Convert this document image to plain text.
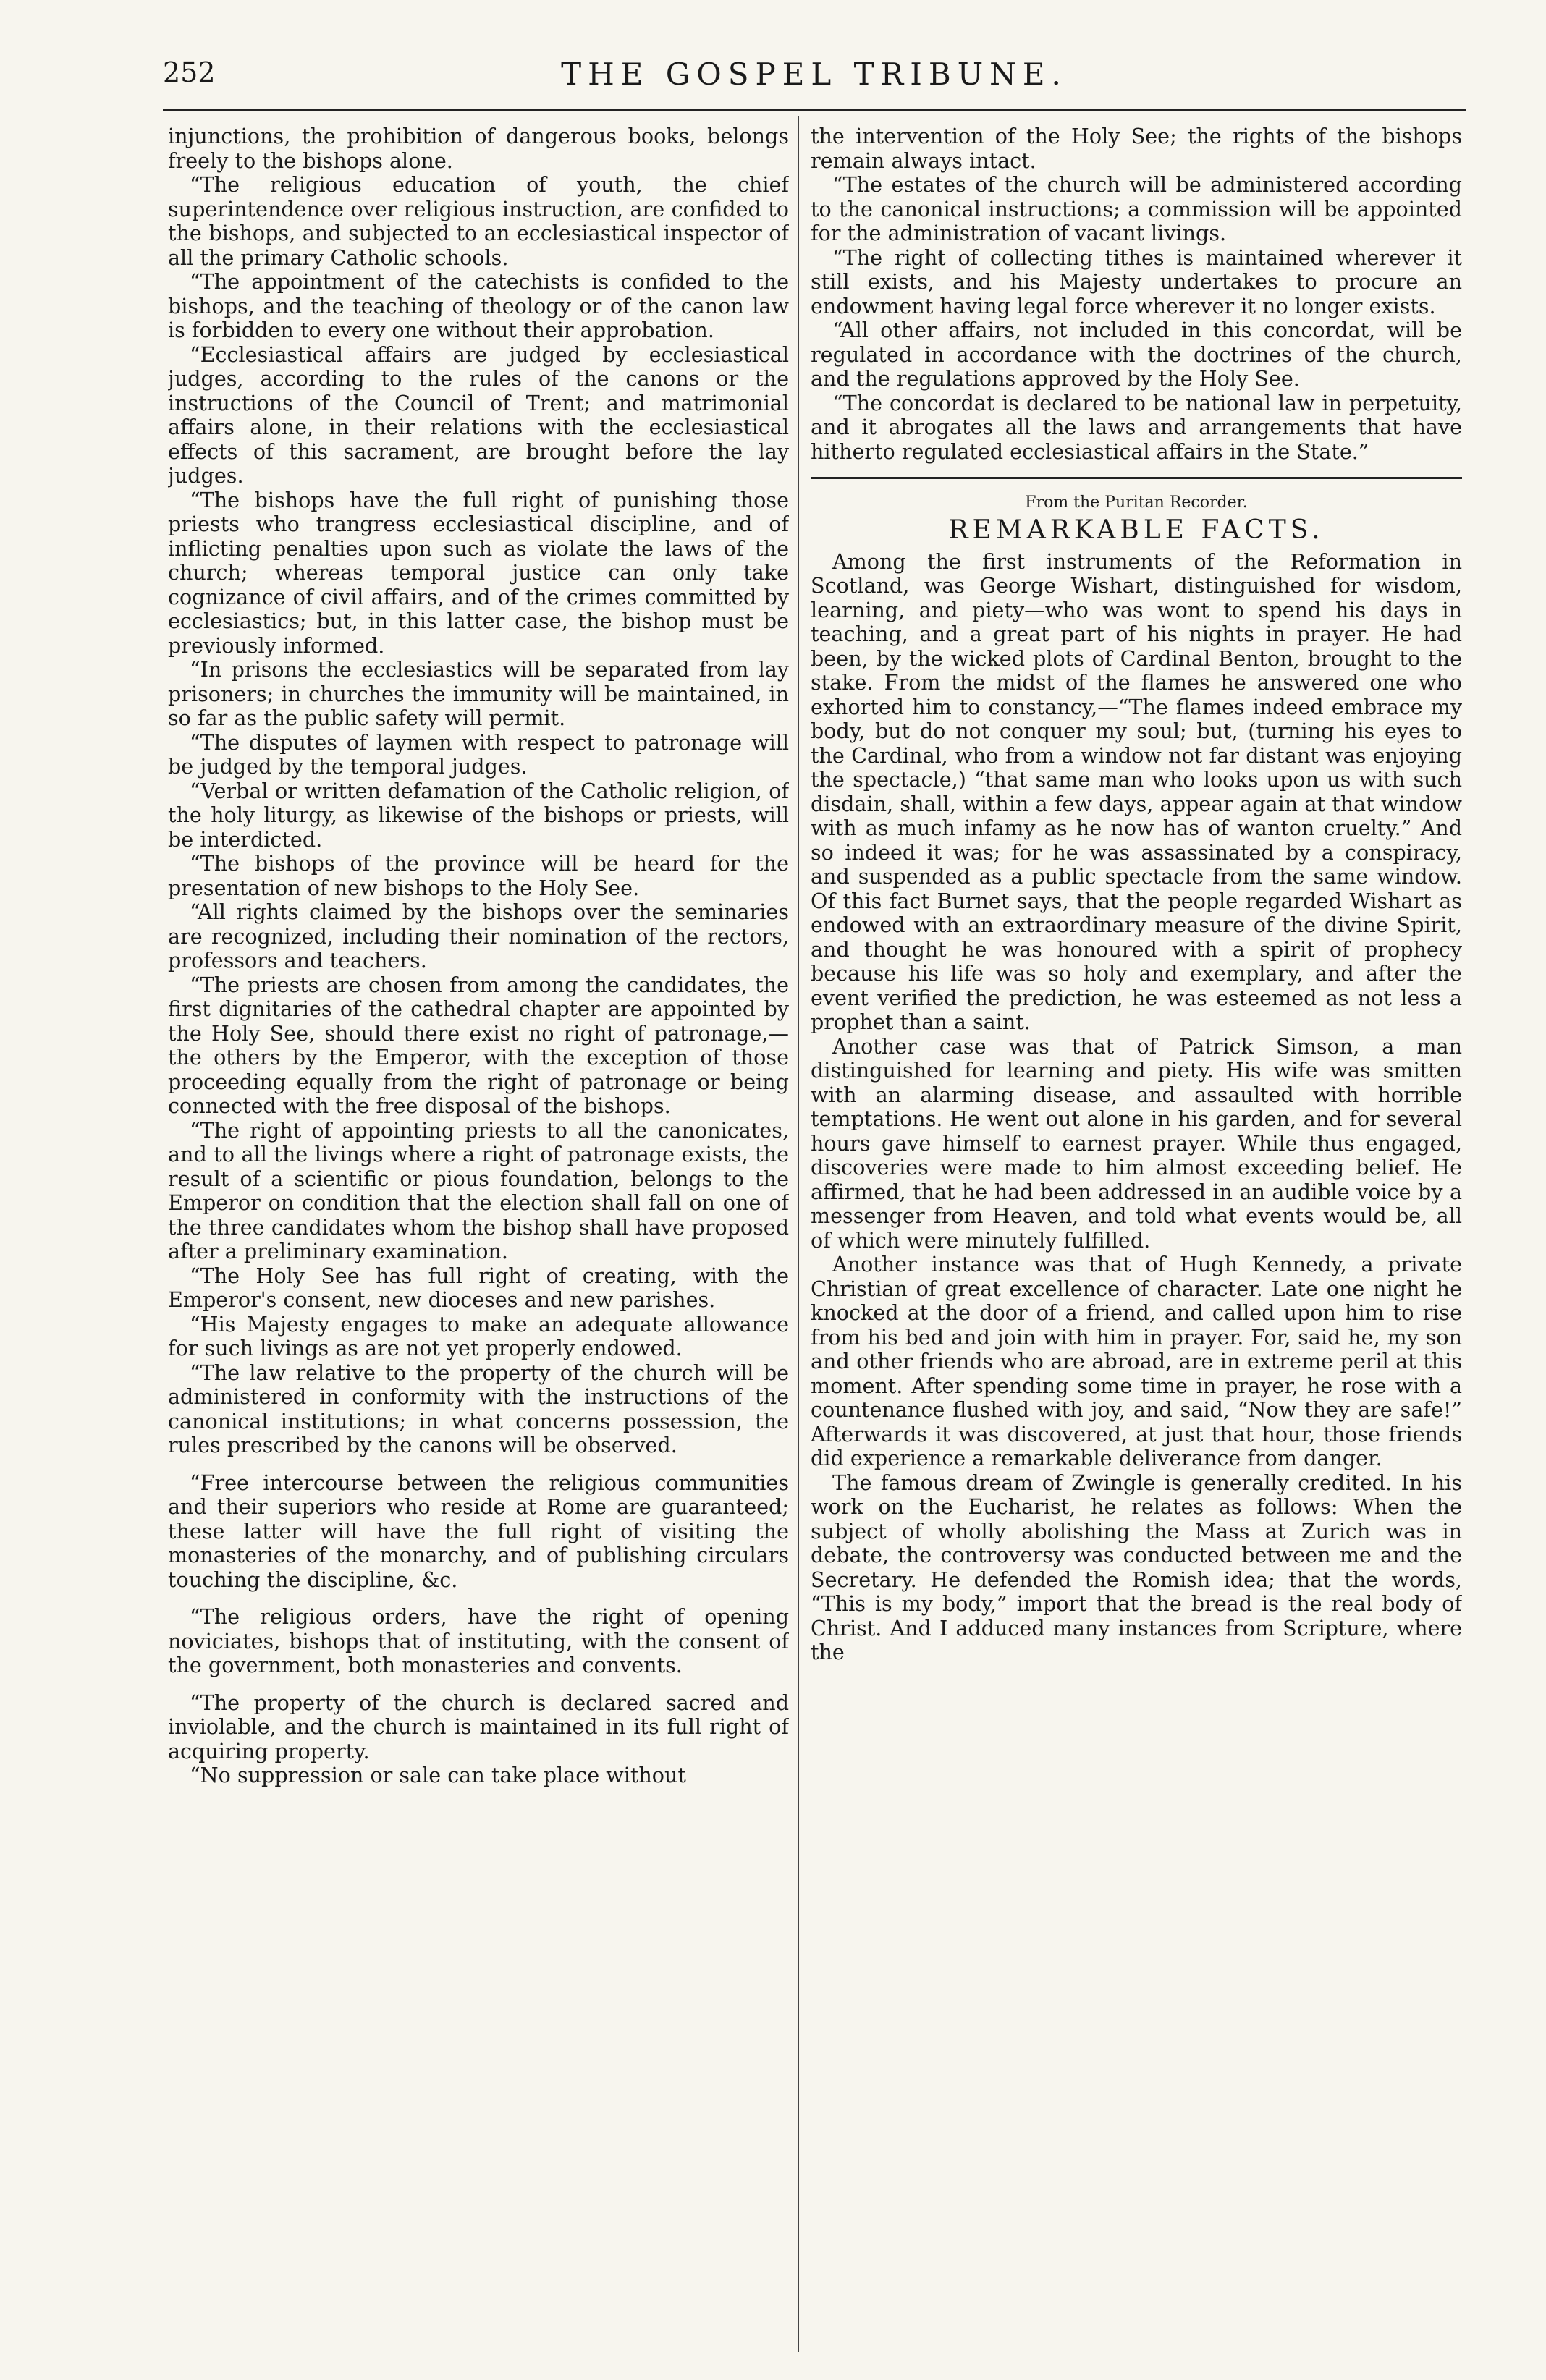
252	THE GOSPEL TRIBUNE.

injunctions, the prohibition of dangerous books, belongs freely to the bishops alone.

“The religious education of youth, the chief superintendence over religious instruction, are confided to the bishops, and subjected to an ecclesiastical inspector of all the primary Catholic schools.

“The appointment of the catechists is confided to the bishops, and the teaching of theology or of the canon law is forbidden to every one without their approbation.

“Ecclesiastical affairs are judged by ecclesiastical judges, according to the rules of the canons or the instructions of the Council of Trent; and matrimonial affairs alone, in their relations with the ecclesiastical effects of this sacrament, are brought before the lay judges.

“The bishops have the full right of punishing those priests who trangress ecclesiastical discipline, and of inflicting penalties upon such as violate the laws of the church; whereas temporal justice can only take cognizance of civil affairs, and of the crimes committed by ecclesiastics; but, in this latter case, the bishop must be previously informed.

“In prisons the ecclesiastics will be separated from lay prisoners; in churches the immunity will be maintained, in so far as the public safety will permit.

“The disputes of laymen with respect to patronage will be judged by the temporal judges.

“Verbal or written defamation of the Catholic religion, of the holy liturgy, as likewise of the bishops or priests, will be interdicted.

“The bishops of the province will be heard for the presentation of new bishops to the Holy See.

“All rights claimed by the bishops over the seminaries are recognized, including their nomination of the rectors, professors and teachers.

“The priests are chosen from among the candidates, the first dignitaries of the cathedral chapter are appointed by the Holy See, should there exist no right of patronage,—the others by the Emperor, with the exception of those proceeding equally from the right of patronage or being connected with the free disposal of the bishops.

“The right of appointing priests to all the canonicates, and to all the livings where a right of patronage exists, the result of a scientific or pious foundation, belongs to the Emperor on condition that the election shall fall on one of the three candidates whom the bishop shall have proposed after a preliminary examination.

“The Holy See has full right of creating, with the Emperor's consent, new dioceses and new parishes.

“His Majesty engages to make an adequate allowance for such livings as are not yet properly endowed.

“The law relative to the property of the church will be administered in conformity with the instructions of the canonical institutions; in what concerns possession, the rules prescribed by the canons will be observed.

“Free intercourse between the religious communities and their superiors who reside at Rome are guaranteed; these latter will have the full right of visiting the monasteries of the monarchy, and of publishing circulars touching the discipline, &c.

“The religious orders, have the right of opening noviciates, bishops that of instituting, with the consent of the government, both monasteries and convents.

“The property of the church is declared sacred and inviolable, and the church is maintained in its full right of acquiring property.

“No suppression or sale can take place without

the intervention of the Holy See; the rights of the bishops remain always intact.

“The estates of the church will be administered according to the canonical instructions; a commission will be appointed for the administration of vacant livings.

“The right of collecting tithes is maintained wherever it still exists, and his Majesty undertakes to procure an endowment having legal force wherever it no longer exists.

“All other affairs, not included in this concordat, will be regulated in accordance with the doctrines of the church, and the regulations approved by the Holy See.

“The concordat is declared to be national law in perpetuity, and it abrogates all the laws and arrangements that have hitherto regulated ecclesiastical affairs in the State.”

From the Puritan Recorder.
REMARKABLE FACTS.

Among the first instruments of the Reformation in Scotland, was George Wishart, distinguished for wisdom, learning, and piety—who was wont to spend his days in teaching, and a great part of his nights in prayer. He had been, by the wicked plots of Cardinal Benton, brought to the stake. From the midst of the flames he answered one who exhorted him to constancy,—“The flames indeed embrace my body, but do not conquer my soul; but, (turning his eyes to the Cardinal, who from a window not far distant was enjoying the spectacle,) “that same man who looks upon us with such disdain, shall, within a few days, appear again at that window with as much infamy as he now has of wanton cruelty.” And so indeed it was; for he was assassinated by a conspiracy, and suspended as a public spectacle from the same window. Of this fact Burnet says, that the people regarded Wishart as endowed with an extraordinary measure of the divine Spirit, and thought he was honoured with a spirit of prophecy because his life was so holy and exemplary, and after the event verified the prediction, he was esteemed as not less a prophet than a saint.

Another case was that of Patrick Simson, a man distinguished for learning and piety. His wife was smitten with an alarming disease, and assaulted with horrible temptations. He went out alone in his garden, and for several hours gave himself to earnest prayer. While thus engaged, discoveries were made to him almost exceeding belief. He affirmed, that he had been addressed in an audible voice by a messenger from Heaven, and told what events would be, all of which were minutely fulfilled.

Another instance was that of Hugh Kennedy, a private Christian of great excellence of character. Late one night he knocked at the door of a friend, and called upon him to rise from his bed and join with him in prayer. For, said he, my son and other friends who are abroad, are in extreme peril at this moment. After spending some time in prayer, he rose with a countenance flushed with joy, and said, “Now they are safe!” Afterwards it was discovered, at just that hour, those friends did experience a remarkable deliverance from danger.

The famous dream of Zwingle is generally credited. In his work on the Eucharist, he relates as follows: When the subject of wholly abolishing the Mass at Zurich was in debate, the controversy was conducted between me and the Secretary. He defended the Romish idea; that the words, “This is my body,” import that the bread is the real body of Christ. And I adduced many instances from Scripture, where the
